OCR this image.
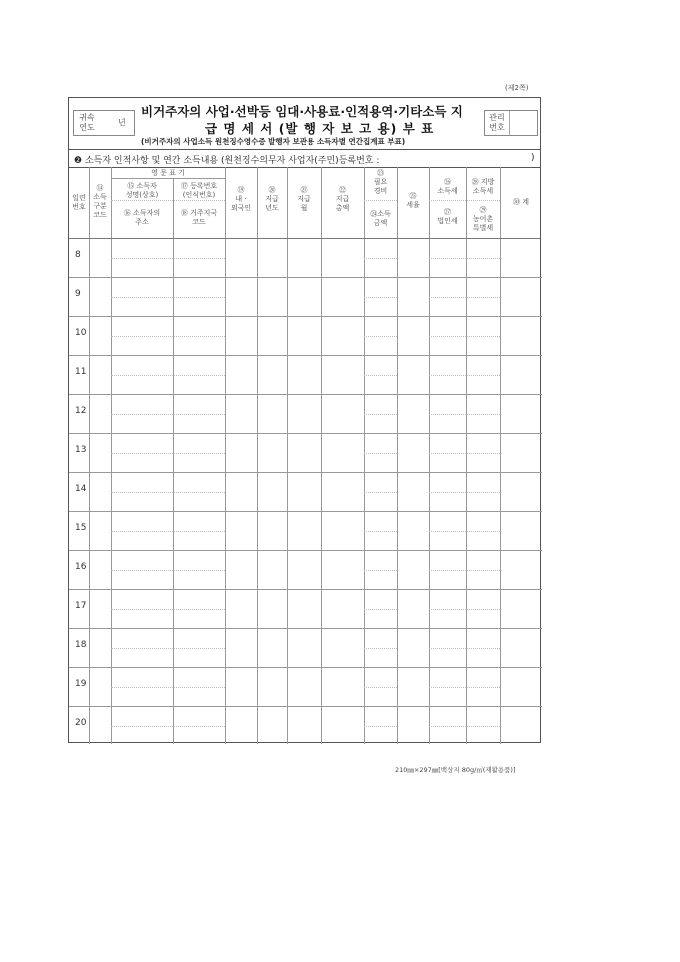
(제2쪽)
귀속
연도
년
비거주자의 사업·선박등 임대·사용료·인적용역·기타소득 지
급 명 세 서 (발 행 자 보 고 용) 부 표
(비거주자의 사업소득 원천징수영수증 발행자 보관용 소득자별 연간집계표 부표)
관리
번호
❷ 소득자 인적사항 및 연간 소득내용 (원천징수의무자 사업자(주민)등록번호 :	)
일련
번호
⑭
소득
구분
코드
영 문 표 기
⑮ 소득자
성명(상호)
⑯ 소득자의
주소
⑰ 등록번호
(인식번호)
⑱ 거주지국
코드
⑲
내 ·
외국인
⑳
지급
년도
㉑
지급
월
㉒
지급
총액
㉓
필요
경비
㉔소득
금액
㉕
세율
㉖
소득세
㉗
법인세
㉘ 지방
소득세
㉙
농어촌
특별세
㉚ 계
8
9
10
11
12
13
14
15
16
17
18
19
20
210㎜×297㎜[백상지 80g/㎡(재활용품)]
